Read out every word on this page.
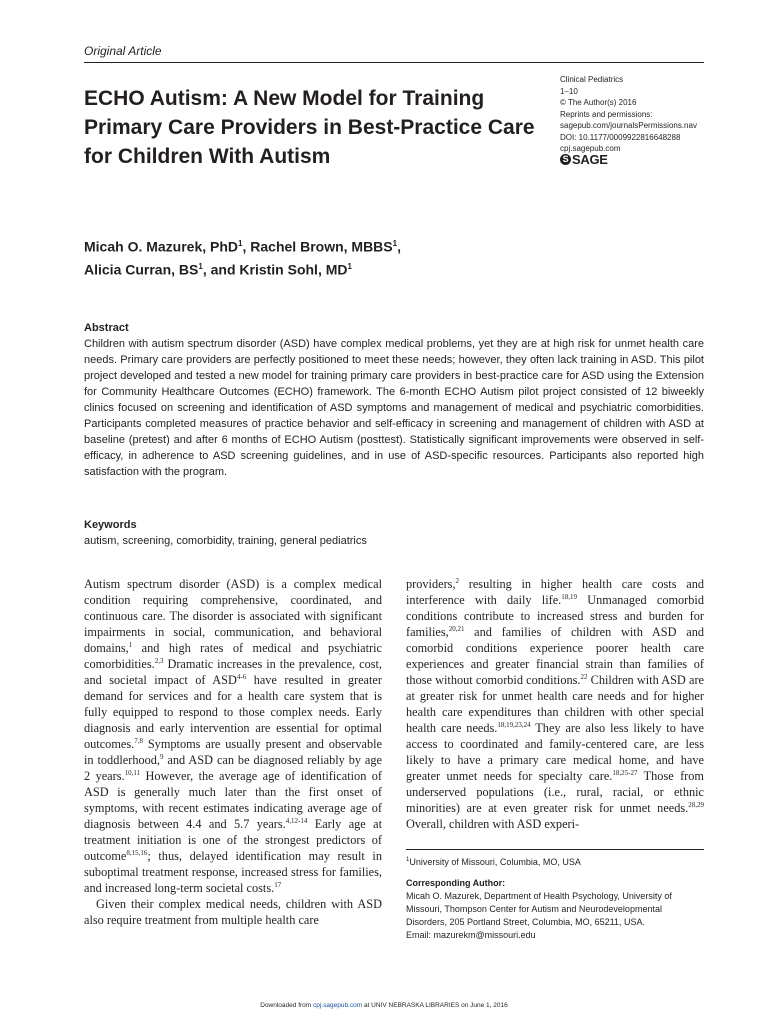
Original Article
ECHO Autism: A New Model for Training Primary Care Providers in Best-Practice Care for Children With Autism
Clinical Pediatrics
1–10
© The Author(s) 2016
Reprints and permissions:
sagepub.com/journalsPermissions.nav
DOI: 10.1177/0009922816648288
cpj.sagepub.com
S SAGE
Micah O. Mazurek, PhD$^1$, Rachel Brown, MBBS$^1$,
Alicia Curran, $BS^1$, and Kristin Sohl, $MD^1$
Abstract
Children with autism spectrum disorder (ASD) have complex medical problems, yet they are at high risk for unmet health care needs. Primary care providers are perfectly positioned to meet these needs; however, they often lack training in ASD. This pilot project developed and tested a new model for training primary care providers in best-practice care for ASD using the Extension for Community Healthcare Outcomes (ECHO) framework. The 6-month ECHO Autism pilot project consisted of 12 biweekly clinics focused on screening and identification of ASD symptoms and management of medical and psychiatric comorbidities. Participants completed measures of practice behavior and self-efficacy in screening and management of children with ASD at baseline (pretest) and after 6 months of ECHO Autism (posttest). Statistically significant improvements were observed in self-efficacy, in adherence to ASD screening guidelines, and in use of ASD-specific resources. Participants also reported high satisfaction with the program.
Keywords
autism, screening, comorbidity, training, general pediatrics

Autism spectrum disorder (ASD) is a complex medical condition requiring comprehensive, coordinated, and continuous care. The disorder is associated with significant impairments in social, communication, and behavioral domains,$^1$ and high rates of medical and psychiatric comorbidities.$^{2,3}$ Dramatic increases in the prevalence, cost, and societal impact of ASD$^{4-6}$ have resulted in greater demand for services and for a health care system that is fully equipped to respond to those complex needs. Early diagnosis and early intervention are essential for optimal outcomes.$^{7,8}$ Symptoms are usually present and observable in toddlerhood,$^9$ and ASD can be diagnosed reliably by age 2 years.$^{10,11}$ However, the average age of identification of ASD is generally much later than the first onset of symptoms, with recent estimates indicating average age of diagnosis between 4.4 and 5.7 years.$^{4,12-14}$ Early age at treatment initiation is one of the strongest predictors of outcome$^{8,15,16}$; thus, delayed identification may result in suboptimal treatment response, increased stress for families, and increased long-term societal costs.$^{17}$

Given their complex medical needs, children with ASD also require treatment from multiple health care

providers,$^2$ resulting in higher health care costs and interference with daily life.$^{18,19}$ Unmanaged comorbid conditions contribute to increased stress and burden for families,$^{20,21}$ and families of children with ASD and comorbid conditions experience poorer health care experiences and greater financial strain than families of those without comorbid conditions.$^{22}$ Children with ASD are at greater risk for unmet health care needs and for higher health care expenditures than children with other special health care needs.$^{18,19,23,24}$ They are also less likely to have access to coordinated and family-centered care, are less likely to have a primary care medical home, and have greater unmet needs for specialty care.$^{18,25-27}$ Those from underserved populations (i.e., rural, racial, or ethnic minorities) are at even greater risk for unmet needs.$^{28,29}$ Overall, children with ASD experi-

$^1$University of Missouri, Columbia, MO, USA
Corresponding Author:
Micah O. Mazurek, Department of Health Psychology, University of Missouri, Thompson Center for Autism and Neurodevelopmental Disorders, 205 Portland Street, Columbia, MO, 65211, USA.
Email: mazurekm@missouri.edu
Downloaded from cpj.sagepub.com at UNIV NEBRASKA LIBRARIES on June 1, 2016
